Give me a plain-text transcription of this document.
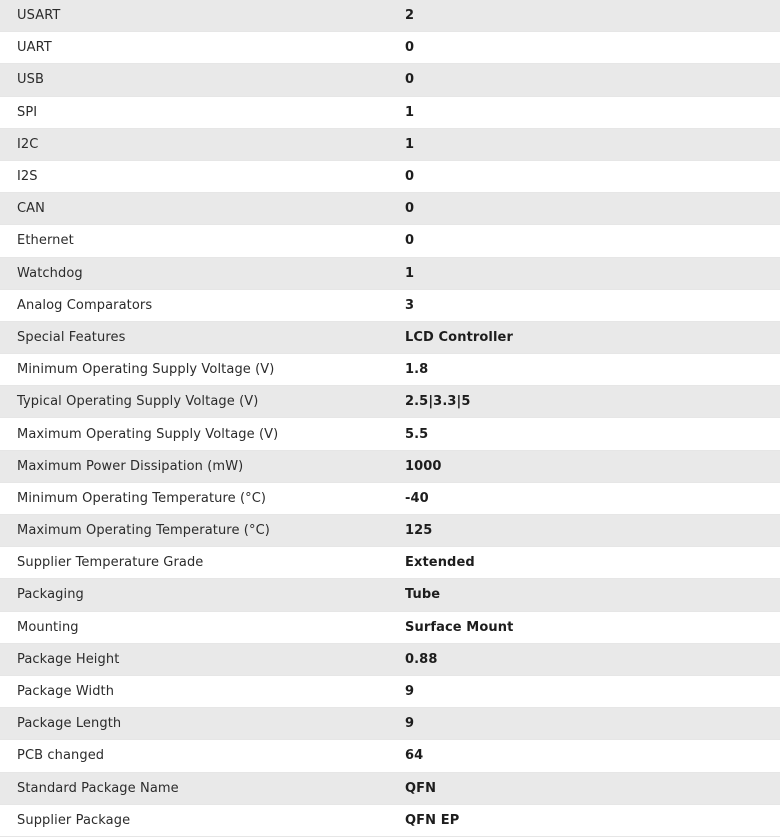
USART	2
UART	0
USB	0
SPI	1
I2C	1
I2S	0
CAN	0
Ethernet	0
Watchdog	1
Analog Comparators	3
Special Features	LCD Controller
Minimum Operating Supply Voltage (V)	1.8
Typical Operating Supply Voltage (V)	2.5|3.3|5
Maximum Operating Supply Voltage (V)	5.5
Maximum Power Dissipation (mW)	1000
Minimum Operating Temperature (°C)	-40
Maximum Operating Temperature (°C)	125
Supplier Temperature Grade	Extended
Packaging	Tube
Mounting	Surface Mount
Package Height	0.88
Package Width	9
Package Length	9
PCB changed	64
Standard Package Name	QFN
Supplier Package	QFN EP
